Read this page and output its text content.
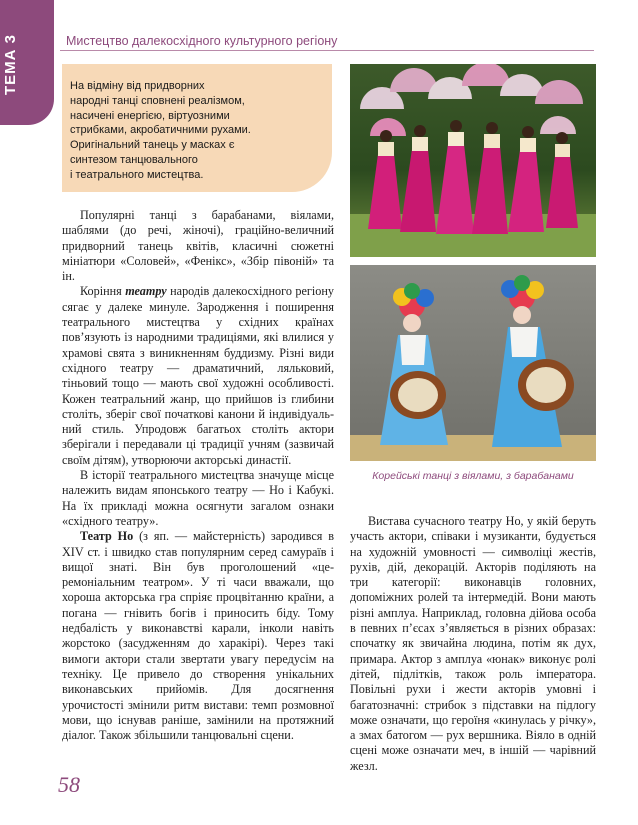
ТЕМА 3	Мистецтво далекосхідного культурного регіону
На відміну від придворних
народні танці сповнені реалізмом,
насичені енергією, віртуозними
стрибками, акробатичними рухами.
Оригінальний танець у масках є
синтезом танцювального
і театрального мистецтва.

Популярні танці з барабанами, віялами, шаблями (до речі, жіночі), граційно-величний придворний танець квітів, класичні сюжетні мініатюри «Соловей», «Фенікс», «Збір півоній» та ін.

Коріння театру народів далекосхідного регіону сягає у далеке минуле. Зародження і поширення театрального мистецтва у східних країнах пов’язують із народними традиціями, які влилися у храмові свята з виникненням буддизму. Різні види східного театру — драматичний, ляльковий, тіньовий тощо — мають свої художні особливості. Кожен театральний жанр, що прийшов із глибини століть, зберіг свої початкові канони й індивідуальний стиль. Упродовж багатьох століть актори зберігали і передавали ці традиції учням (зазвичай своїм дітям), утворюючи акторські династії.

В історії театрального мистецтва значуще місце належить видам японського театру — Но і Кабукі. На їх прикладі можна осягнути загалом ознаки «східного театру».

Театр Но (з яп. — майстерність) зародився в XIV ст. і швидко став популярним серед самураїв і вищої знаті. Він був проголошений «церемоніальним театром». У ті часи вважали, що хороша акторська гра спріяє процвітанню країни, а погана — гнівить богів і приносить біду. Тому недбалість у виконавстві карали, інколи навіть жорстоко (засудженням до харакірі). Через такі вимоги актори стали звертати увагу передусім на техніку. Це привело до створення унікальних виконавських прийомів. Для досягнення урочистості змінили ритм вистави: темп розмовної мови, що існував раніше, замінили на протяжний діалог. Також збільшили танцювальні сцени.

Корейські танці з віялами, з барабанами

Вистава сучасного театру Но, у якій беруть участь актори, співаки і музиканти, будується на художній умовності — символіці жестів, рухів, дій, декорацій. Акторів поділяють на три категорії: виконавців головних, допоміжних ролей та інтермедій. Вони мають різні амплуа. Наприклад, головна дійова особа в певних п’єсах з’являється в різних образах: спочатку як звичайна людина, потім як дух, примара. Актор з амплуа «юнак» виконує ролі дітей, підлітків, також роль імператора. Повільні рухи і жести акторів умовні і багатозначні: стрибок з підставки на підлогу може означати, що героїня «кинулась у річку», а змах батогом — рух вершника. Віяло в одній сцені може означати меч, в іншій — чарівний жезл.

58
